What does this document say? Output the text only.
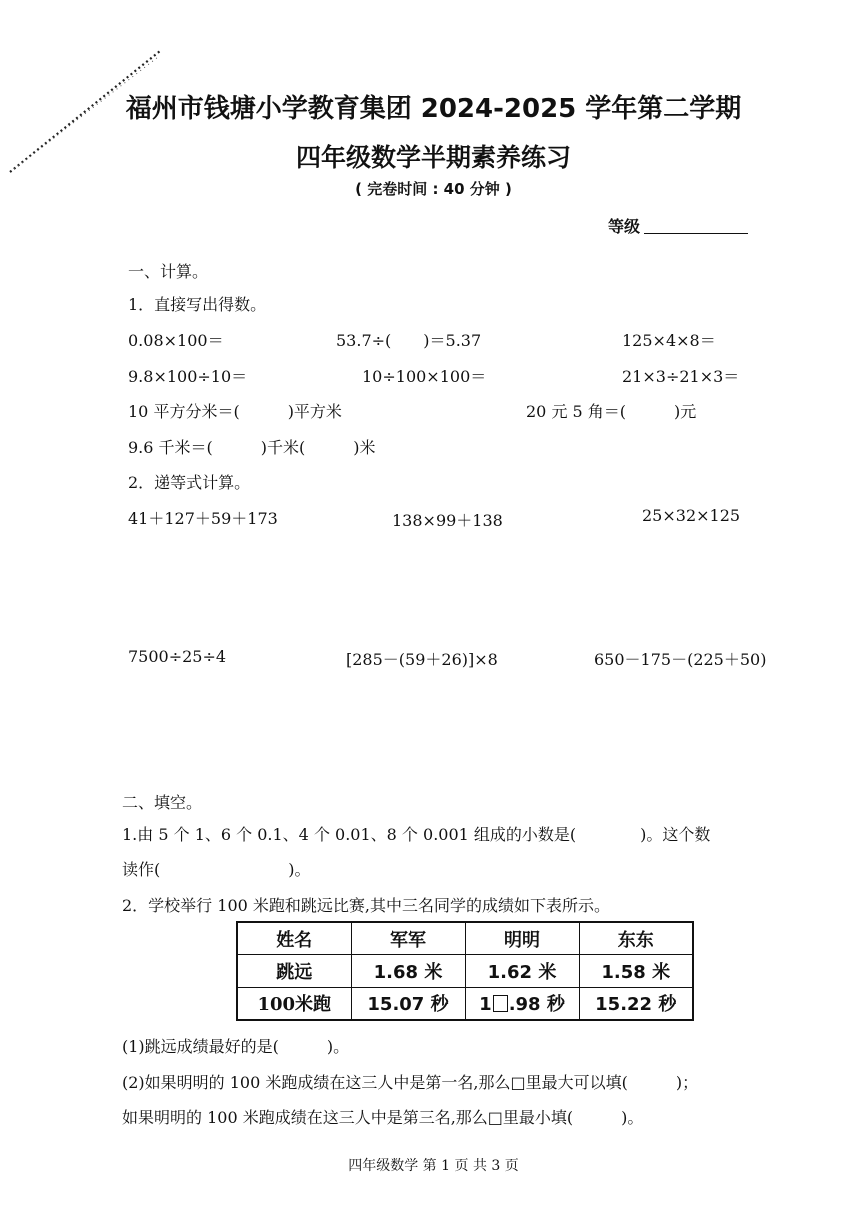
福州市钱塘小学教育集团 2024-2025 学年第二学期
四年级数学半期素养练习
( 完卷时间 : 40 分钟 )
等级
一、计算。
1．直接写出得数。
0.08×100＝	53.7÷(　　)＝5.37	125×4×8＝
9.8×100÷10＝	10÷100×100＝	21×3÷21×3＝
10 平方分米＝(　　　)平方米	20 元 5 角＝(　　　)元
9.6 千米＝(　　　)千米(　　　)米
2．递等式计算。
41＋127＋59＋173	138×99＋138	25×32×125
7500÷25÷4	[285－(59＋26)]×8	650－175－(225＋50)
二、填空。
1.由 5 个 1、6 个 0.1、4 个 0.01、8 个 0.001 组成的小数是(　　　　)。这个数
读作(　　　　　　　　)。
2．学校举行 100 米跑和跳远比赛,其中三名同学的成绩如下表所示。
姓名	军军	明明	东东
跳远	1.68 米	1.62 米	1.58 米
100米跑	15.07 秒	1 .98 秒	15.22 秒
(1)跳远成绩最好的是(　　　)。
(2)如果明明的 100 米跑成绩在这三人中是第一名,那么□里最大可以填(　　　)；
如果明明的 100 米跑成绩在这三人中是第三名,那么□里最小填(　　　)。
四年级数学 第 1 页 共 3 页
